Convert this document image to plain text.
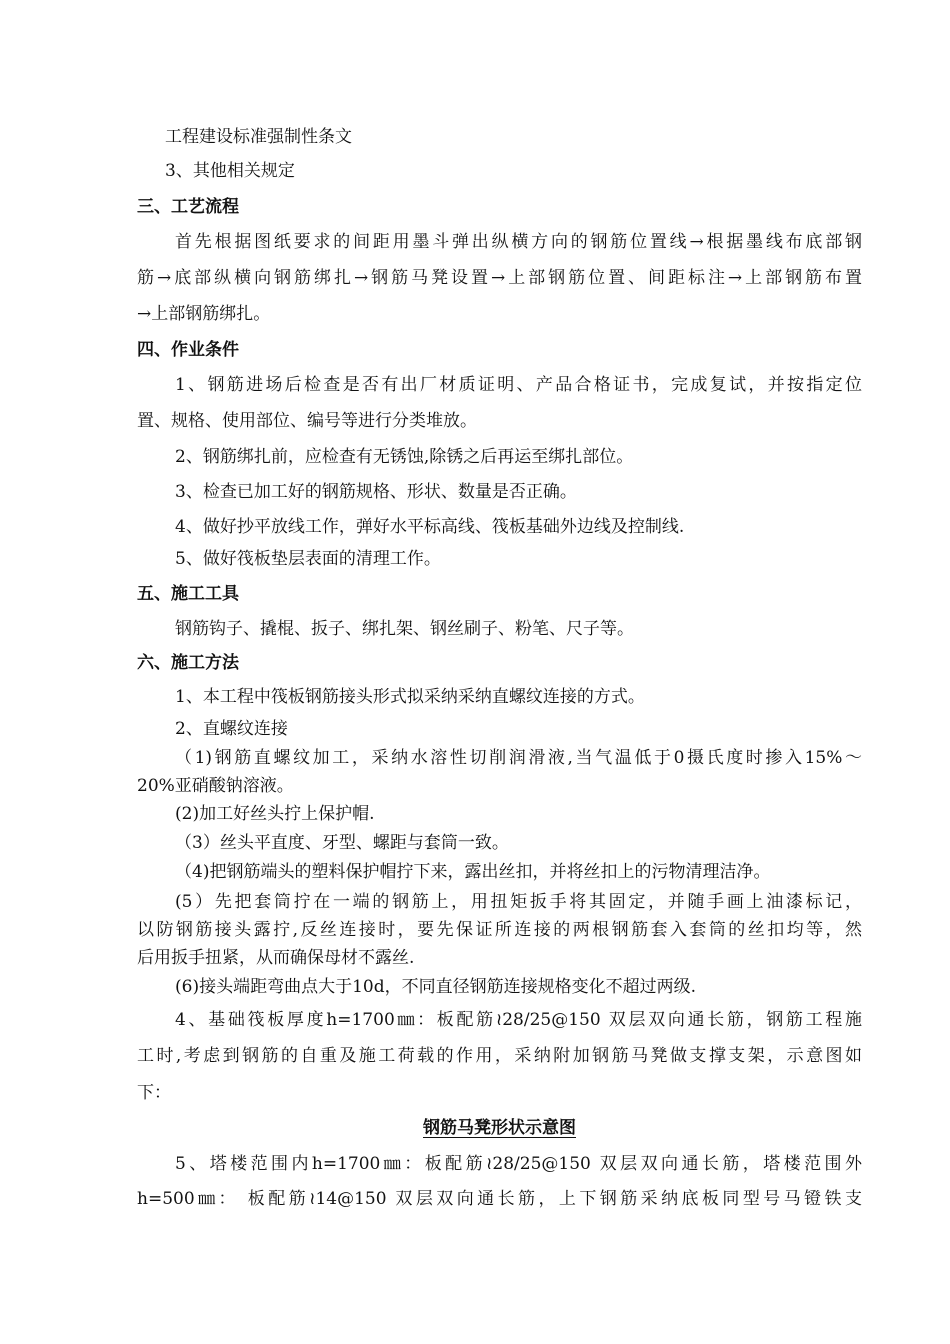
工程建设标准强制性条文
3、其他相关规定
三、工艺流程
首先根据图纸要求的间距用墨斗弹出纵横方向的钢筋位置线→根据墨线布底部钢
筋→底部纵横向钢筋绑扎→钢筋马凳设置→上部钢筋位置、间距标注→上部钢筋布置
→上部钢筋绑扎。
四、作业条件
1、钢筋进场后检查是否有出厂材质证明、产品合格证书，完成复试，并按指定位
置、规格、使用部位、编号等进行分类堆放。
2、钢筋绑扎前，应检查有无锈蚀,除锈之后再运至绑扎部位。
3、检查已加工好的钢筋规格、形状、数量是否正确。
4、做好抄平放线工作，弹好水平标高线、筏板基础外边线及控制线.
5、做好筏板垫层表面的清理工作。
五、施工工具
钢筋钩子、撬棍、扳子、绑扎架、钢丝刷子、粉笔、尺子等。
六、施工方法
1、本工程中筏板钢筋接头形式拟采纳采纳直螺纹连接的方式。
2、直螺纹连接
（1)钢筋直螺纹加工，采纳水溶性切削润滑液,当气温低于0摄氏度时掺入15%～
20%亚硝酸钠溶液。
(2)加工好丝头拧上保护帽.
（3）丝头平直度、牙型、螺距与套筒一致。
（4)把钢筋端头的塑料保护帽拧下来，露出丝扣，并将丝扣上的污物清理洁净。
(5）先把套筒拧在一端的钢筋上，用扭矩扳手将其固定，并随手画上油漆标记，
以防钢筋接头露拧,反丝连接时，要先保证所连接的两根钢筋套入套筒的丝扣均等，然
后用扳手扭紧，从而确保母材不露丝.
(6)接头端距弯曲点大于10d，不同直径钢筋连接规格变化不超过两级.
4、基础筏板厚度h=1700㎜：板配筋≀28/25@150 双层双向通长筋，钢筋工程施
工时,考虑到钢筋的自重及施工荷载的作用，采纳附加钢筋马凳做支撑支架，示意图如
下：
钢筋马凳形状示意图
5、塔楼范围内h=1700㎜：板配筋≀28/25@150 双层双向通长筋，塔楼范围外
h=500㎜： 板配筋≀14@150 双层双向通长筋，上下钢筋采纳底板同型号马镫铁支
